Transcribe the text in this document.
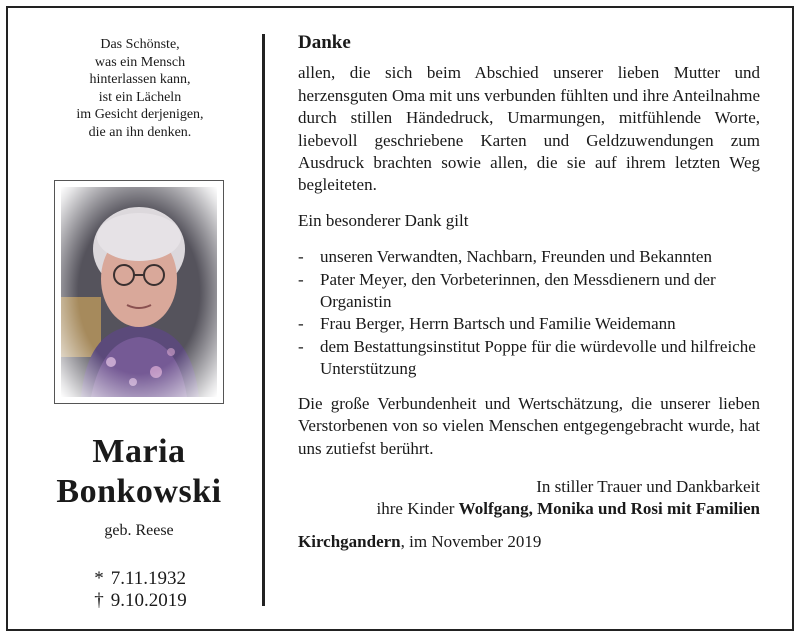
Das Schönste,
was ein Mensch
hinterlassen kann,
ist ein Lächeln
im Gesicht derjenigen,
die an ihn denken.
Maria
Bonkowski
geb. Reese
* 7.11.1932
† 9.10.2019
Danke

allen, die sich beim Abschied unserer lieben Mutter und herzensguten Oma mit uns verbunden fühlten und ihre Anteilnahme durch stillen Händedruck, Umarmungen, mitfühlende Worte, liebevoll geschriebene Karten und Geldzuwendungen zum Ausdruck brachten sowie allen, die sie auf ihrem letzten Weg begleiteten.

Ein besonderer Dank gilt

- unseren Verwandten, Nachbarn, Freunden und Bekannten
- Pater Meyer, den Vorbeterinnen, den Messdienern und der Organistin
- Frau Berger, Herrn Bartsch und Familie Weidemann
- dem Bestattungsinstitut Poppe für die würdevolle und hilfreiche Unterstützung

Die große Verbundenheit und Wertschätzung, die unserer lieben Verstorbenen von so vielen Menschen entgegengebracht wurde, hat uns zutiefst berührt.

In stiller Trauer und Dankbarkeit
ihre Kinder Wolfgang, Monika und Rosi mit Familien
Kirchgandern, im November 2019
